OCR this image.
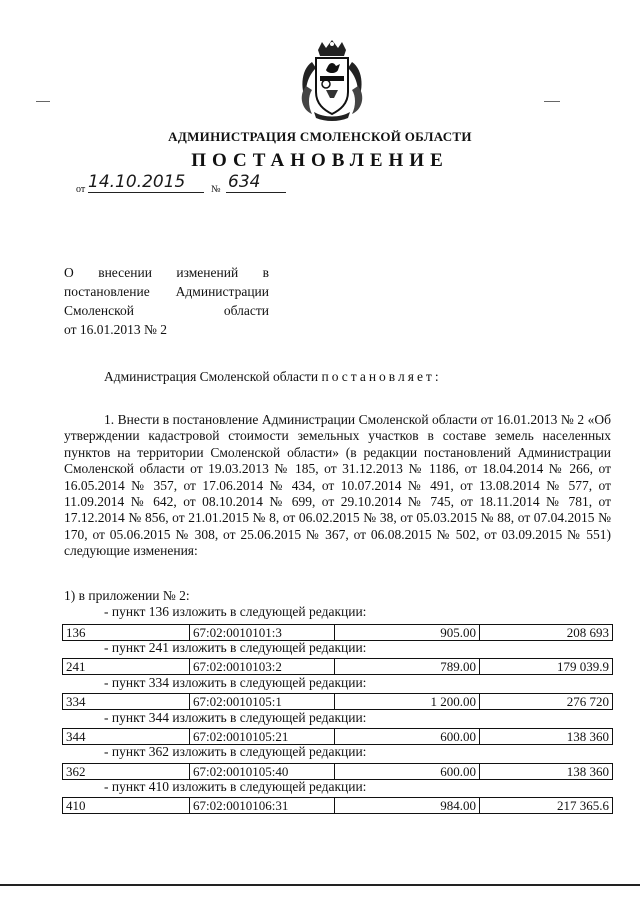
АДМИНИСТРАЦИЯ СМОЛЕНСКОЙ ОБЛАСТИ
ПОСТАНОВЛЕНИЕ
от 14.10.2015	№ 634
О внесении изменений в
постановление Администрации
Смоленской области
от 16.01.2013 № 2
Администрация Смоленской области постановляет:
1. Внести в постановление Администрации Смоленской области от 16.01.2013 № 2 «Об утверждении кадастровой стоимости земельных участков в составе земель населенных пунктов на территории Смоленской области» (в редакции постановлений Администрации Смоленской области от 19.03.2013 № 185, от 31.12.2013 № 1186, от 18.04.2014 № 266, от 16.05.2014 № 357, от 17.06.2014 № 434, от 10.07.2014 № 491, от 13.08.2014 № 577, от 11.09.2014 № 642, от 08.10.2014 № 699, от 29.10.2014 № 745, от 18.11.2014 № 781, от 17.12.2014 № 856, от 21.01.2015 № 8, от 06.02.2015 № 38, от 05.03.2015 № 88, от 07.04.2015 № 170, от 05.06.2015 № 308, от 25.06.2015 № 367, от 06.08.2015 № 502, от 03.09.2015 № 551) следующие изменения:
1) в приложении № 2:
- пункт 136 изложить в следующей редакции:
136	67:02:0010101:3	905.00	208 693
- пункт 241 изложить в следующей редакции:
241	67:02:0010103:2	789.00	179 039.9
- пункт 334 изложить в следующей редакции:
334	67:02:0010105:1	1 200.00	276 720
- пункт 344 изложить в следующей редакции:
344	67:02:0010105:21	600.00	138 360
- пункт 362 изложить в следующей редакции:
362	67:02:0010105:40	600.00	138 360
- пункт 410 изложить в следующей редакции:
410	67:02:0010106:31	984.00	217 365.6
